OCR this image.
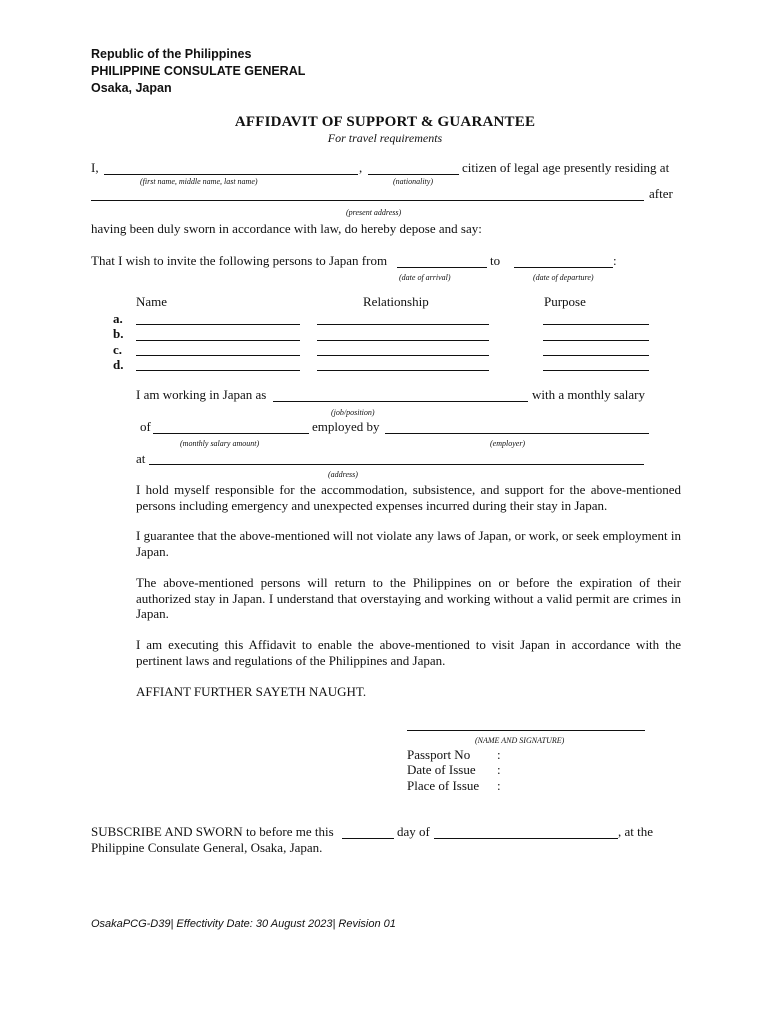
Republic of the Philippines
PHILIPPINE CONSULATE GENERAL
Osaka, Japan
AFFIDAVIT OF SUPPORT & GUARANTEE
For travel requirements
I,	,	citizen of legal age presently residing at
(first name, middle name, last name)	(nationality)
after
(present address)
having been duly sworn in accordance with law, do hereby depose and say:
That I wish to invite the following persons to Japan from	to	:
(date of arrival)	(date of departure)
Name	Relationship	Purpose
a.
b.
c.
d.
I am working in Japan as	with a monthly salary
(job/position)
of	employed by
(monthly salary amount)	(employer)
at
(address)
I hold myself responsible for the accommodation, subsistence, and support for the above-mentioned persons including emergency and unexpected expenses incurred during their stay in Japan.
I guarantee that the above-mentioned will not violate any laws of Japan, or work, or seek employment in Japan.
The above-mentioned persons will return to the Philippines on or before the expiration of their authorized stay in Japan. I understand that overstaying and working without a valid permit are crimes in Japan.
I am executing this Affidavit to enable the above-mentioned to visit Japan in accordance with the pertinent laws and regulations of the Philippines and Japan.
AFFIANT FURTHER SAYETH NAUGHT.
(NAME AND SIGNATURE)
Passport No :
Date of Issue :
Place of Issue :
SUBSCRIBE AND SWORN to before me this	day of	, at the
Philippine Consulate General, Osaka, Japan.
OsakaPCG-D39| Effectivity Date: 30 August 2023| Revision 01
